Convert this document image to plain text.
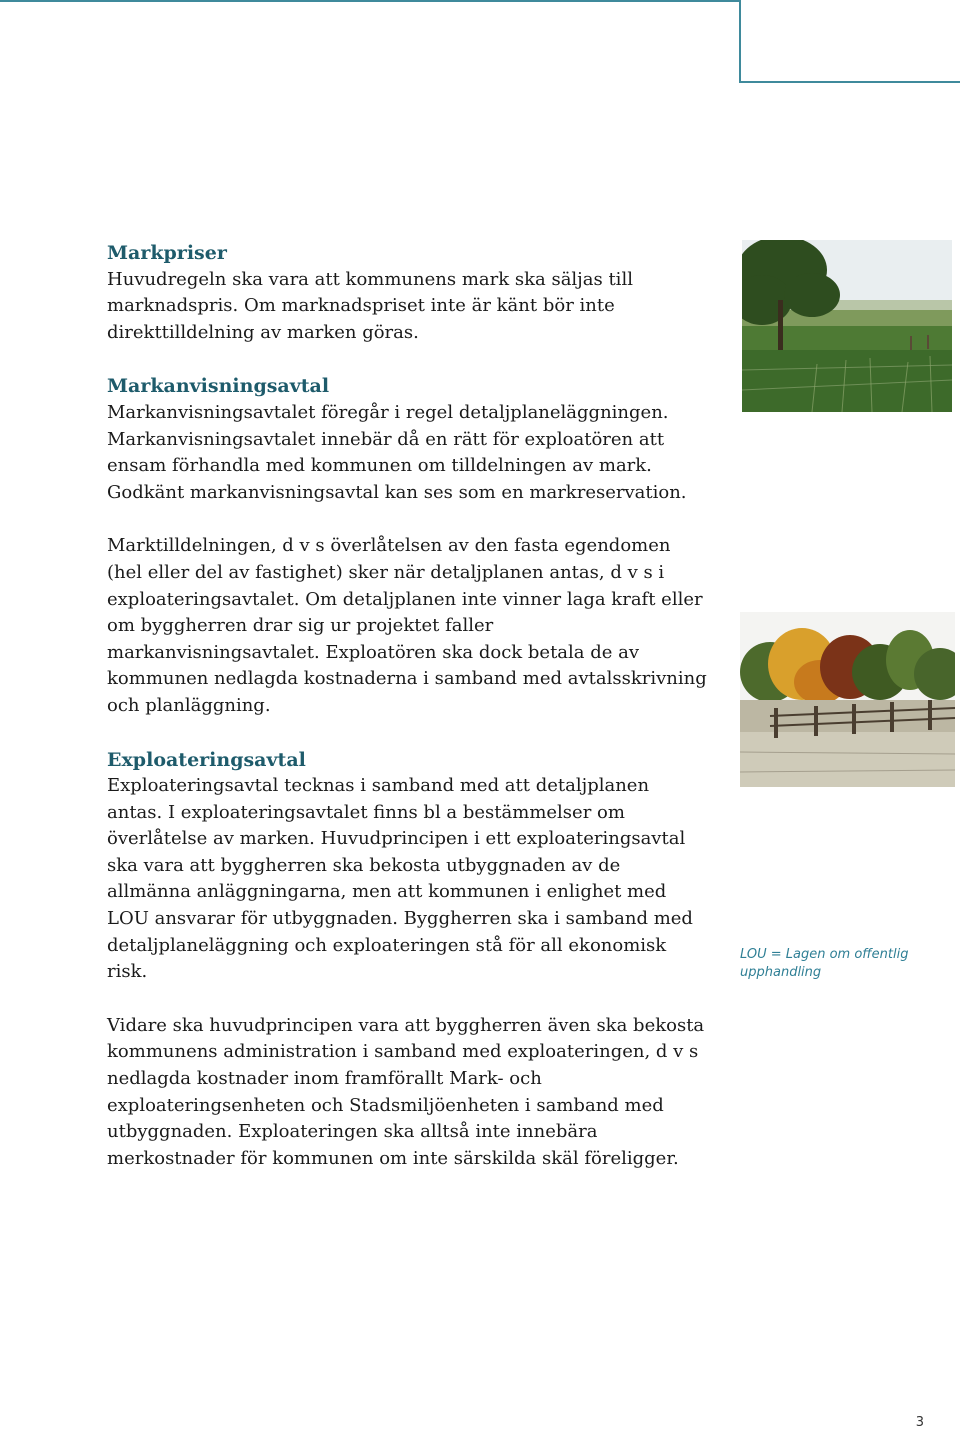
Markpriser

Huvudregeln ska vara att kommunens mark ska säljas till marknadspris. Om marknadspriset inte är känt bör inte direkttilldelning av marken göras.

Markanvisningsavtal

Markanvisningsavtalet föregår i regel detaljplaneläggningen. Markanvisningsavtalet innebär då en rätt för exploatören att ensam förhandla med kommunen om tilldelningen av mark. Godkänt markanvisningsavtal kan ses som en markreservation.

Marktilldelningen, d v s överlåtelsen av den fasta egendomen (hel eller del av fastighet) sker när detaljplanen antas, d v s i exploateringsavtalet. Om detaljplanen inte vinner laga kraft eller om byggherren drar sig ur projektet faller markanvisningsavtalet. Exploatören ska dock betala de av kommunen nedlagda kostnaderna i samband med avtalsskrivning och planläggning.

Exploateringsavtal

Exploateringsavtal tecknas i samband med att detaljplanen antas. I exploateringsavtalet finns bl a bestämmelser om överlåtelse av marken. Huvudprincipen i ett exploateringsavtal ska vara att byggherren ska bekosta utbyggnaden av de allmänna anläggningarna, men att kommunen i enlighet med LOU ansvarar för utbyggnaden. Byggherren ska i samband med detaljplaneläggning och exploateringen stå för all ekonomisk risk.

Vidare ska huvudprincipen vara att byggherren även ska bekosta kommunens administration i samband med exploateringen, d v s nedlagda kostnader inom framförallt Mark- och exploateringsenheten och Stadsmiljöenheten i samband med utbyggnaden. Exploateringen ska alltså inte innebära merkostnader för kommunen om inte särskilda skäl föreligger.

LOU = Lagen om offentlig upphandling
3
